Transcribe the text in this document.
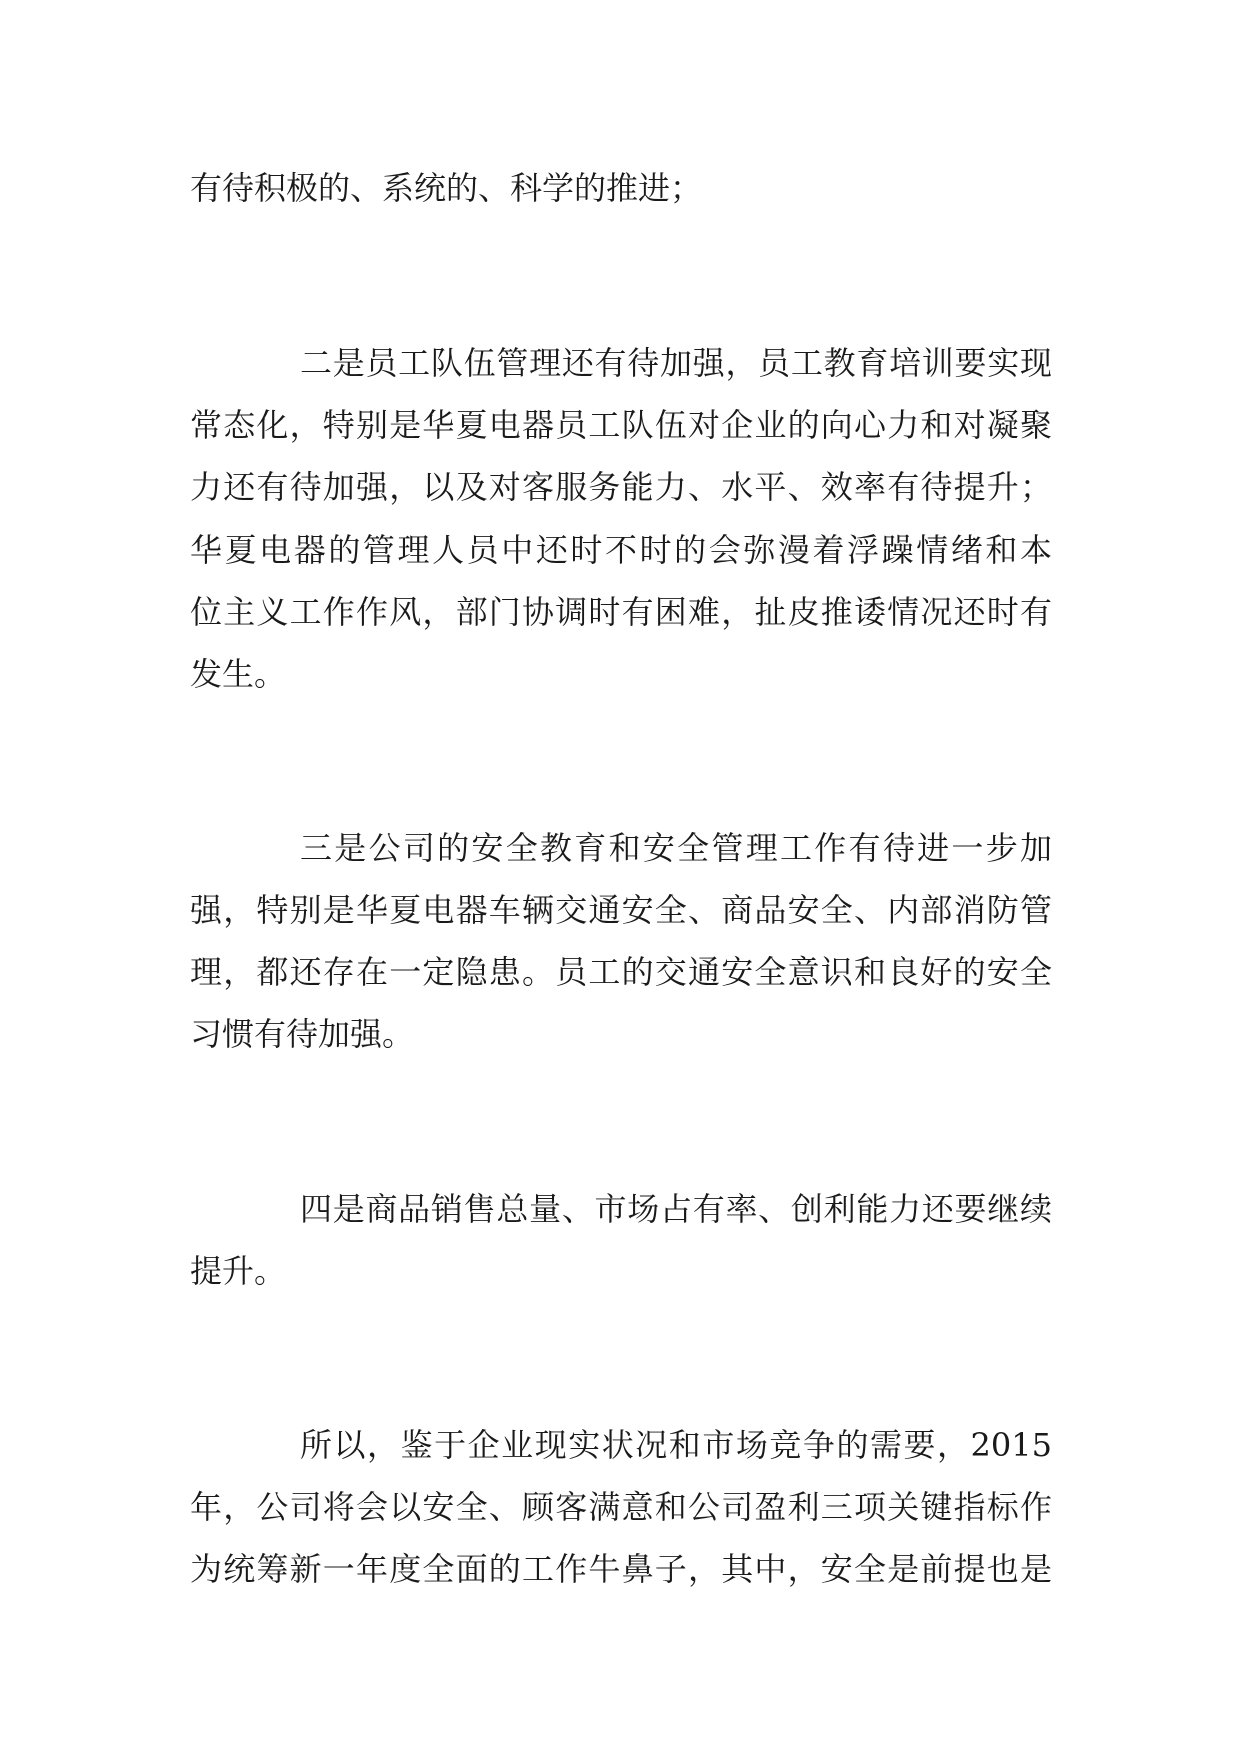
有待积极的、系统的、科学的推进；
二是员工队伍管理还有待加强，员工教育培训要实现
常态化，特别是华夏电器员工队伍对企业的向心力和对凝聚
力还有待加强，以及对客服务能力、水平、效率有待提升；
华夏电器的管理人员中还时不时的会弥漫着浮躁情绪和本
位主义工作作风，部门协调时有困难，扯皮推诿情况还时有
发生。
三是公司的安全教育和安全管理工作有待进一步加
强，特别是华夏电器车辆交通安全、商品安全、内部消防管
理，都还存在一定隐患。员工的交通安全意识和良好的安全
习惯有待加强。
四是商品销售总量、市场占有率、创利能力还要继续
提升。
所以，鉴于企业现实状况和市场竞争的需要，2015
年，公司将会以安全、顾客满意和公司盈利三项关键指标作
为统筹新一年度全面的工作牛鼻子，其中，安全是前提也是
